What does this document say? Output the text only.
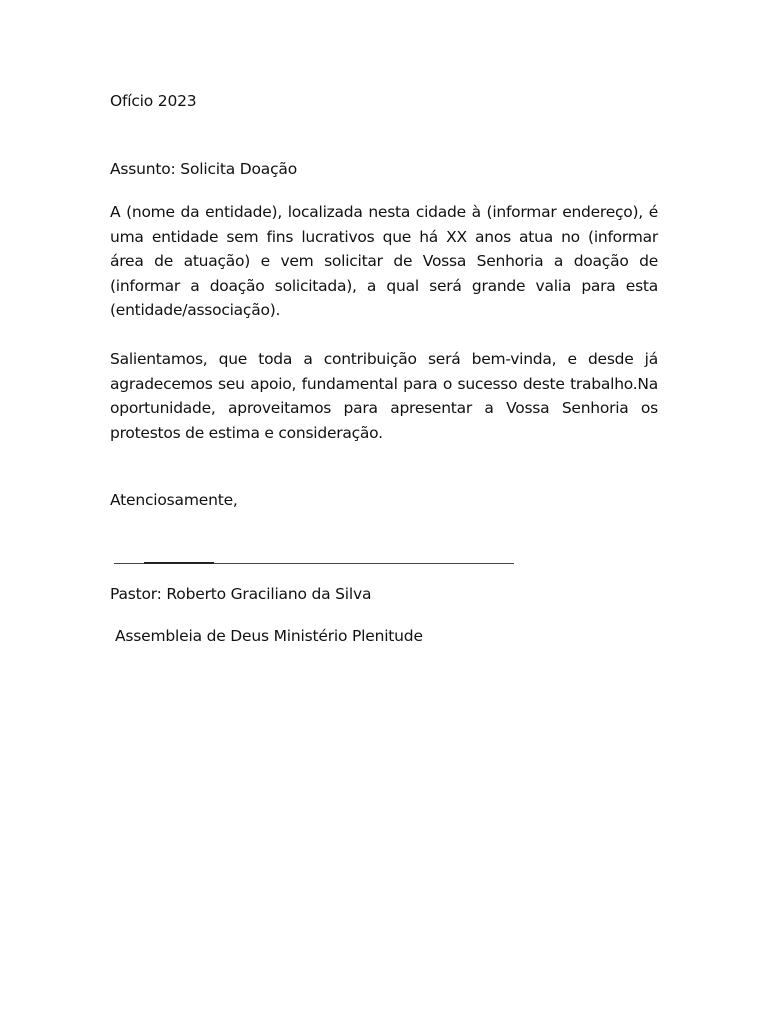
Ofício 2023

Assunto: Solicita Doação

A (nome da entidade), localizada nesta cidade à (informar endereço), é uma entidade sem fins lucrativos que há XX anos atua no (informar área de atuação) e vem solicitar de Vossa Senhoria a doação de (informar a doação solicitada), a qual será grande valia para esta (entidade/associação).

Salientamos, que toda a contribuição será bem-vinda, e desde já agradecemos seu apoio, fundamental para o sucesso deste trabalho.Na oportunidade, aproveitamos para apresentar a Vossa Senhoria os protestos de estima e consideração.

Atenciosamente,

Pastor: Roberto Graciliano da Silva

Assembleia de Deus Ministério Plenitude
